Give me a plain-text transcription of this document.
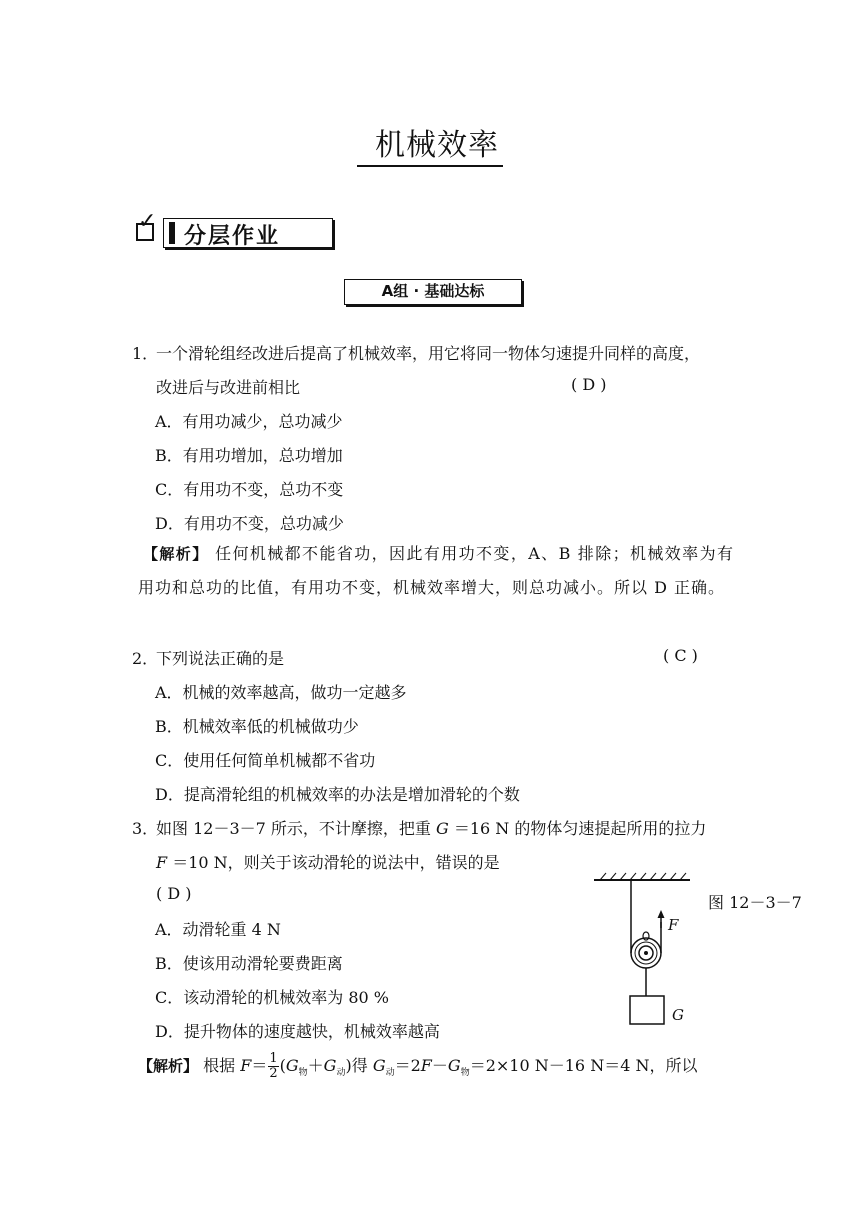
机械效率
✓
分层作业
A组 · 基础达标
1．
一个滑轮组经改进后提高了机械效率，用它将同一物体匀速提升同样的高度，
改进后与改进前相比	( D )
A．有用功减少，总功减少
B．有用功增加，总功增加
C．有用功不变，总功不变
D．有用功不变，总功减少
【解析】 任何机械都不能省功，因此有用功不变，A、B 排除；机械效率为有用功和总功的比值，有用功不变，机械效率增大，则总功减小。所以 D 正确。
2．
下列说法正确的是	( C )
A．机械的效率越高，做功一定越多
B．机械效率低的机械做功少
C．使用任何简单机械都不省功
D．提高滑轮组的机械效率的办法是增加滑轮的个数
3．
如图 12－3－7 所示，不计摩擦，把重 G ＝16 N 的物体匀速提起所用的拉力
F ＝10 N，则关于该动滑轮的说法中，错误的是
( D )
A．动滑轮重 4 N
B．使该用动滑轮要费距离
C．该动滑轮的机械效率为 80 %
D．提升物体的速度越快，机械效率越高
图 12－3－7
F
G
【解析】 根据 $F= \frac{1}{2} (G_物+G_动)$得 $G_动=2F-G_物=2\times 10$ N－16 N＝4 N，所以
